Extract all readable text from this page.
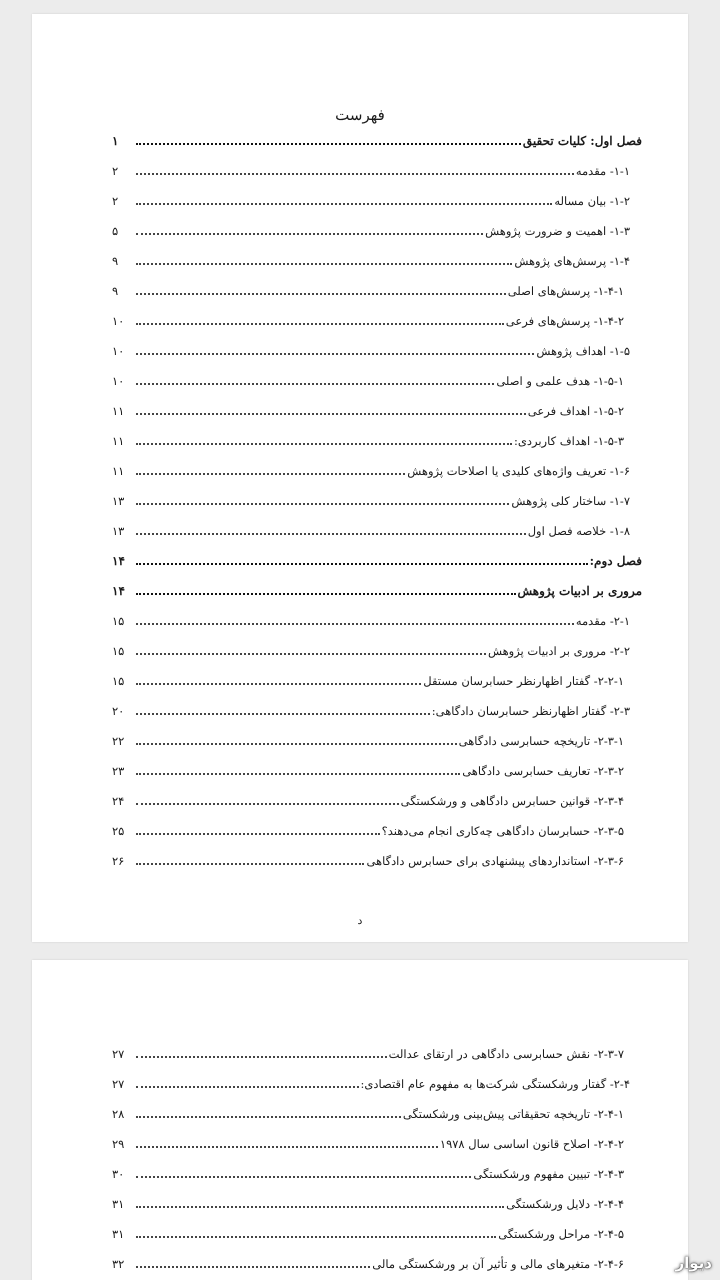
فهرست
فصل اول: کلیات تحقیق
۱
۱-۱- مقدمه
۲
۱-۲- بیان مساله
۲
۱-۳- اهمیت و ضرورت پژوهش
۵
۱-۴- پرسش‌های پژوهش
۹
۱-۴-۱- پرسش‌های اصلی
۹
۱-۴-۲- پرسش‌های فرعی
۱۰
۱-۵- اهداف پژوهش
۱۰
۱-۵-۱- هدف علمی و اصلی
۱۰
۱-۵-۲- اهداف فرعی
۱۱
۱-۵-۳- اهداف کاربردی:
۱۱
۱-۶- تعریف واژه‌های کلیدی یا اصلاحات پژوهش
۱۱
۱-۷- ساختار کلی پژوهش
۱۳
۱-۸- خلاصه فصل اول
۱۳
فصل دوم:
۱۴
مروری بر ادبیات پژوهش
۱۴
۲-۱- مقدمه
۱۵
۲-۲- مروری بر ادبیات پژوهش
۱۵
۲-۲-۱- گفتار اظهارنظر حسابرسان مستقل
۱۵
۲-۳- گفتار اظهارنظر حسابرسان دادگاهی:
۲۰
۲-۳-۱- تاریخچه حسابرسی دادگاهی
۲۲
۲-۳-۲- تعاریف حسابرسی دادگاهی
۲۳
۲-۳-۴- قوانین حسابرس دادگاهی و ورشکستگی
۲۴
۲-۳-۵- حسابرسان دادگاهی چه‌کاری انجام می‌دهند؟
۲۵
۲-۳-۶- استانداردهای پیشنهادی برای حسابرس دادگاهی
۲۶
د
۲-۳-۷- نقش حسابرسی دادگاهی در ارتقای عدالت
۲۷
۲-۴- گفتار ورشکستگی شرکت‌ها به مفهوم عام اقتصادی:
۲۷
۲-۴-۱- تاریخچه تحقیقاتی پیش‌بینی ورشکستگی
۲۸
۲-۴-۲- اصلاح قانون اساسی سال ۱۹۷۸
۲۹
۲-۴-۳- تبیین مفهوم ورشکستگی
۳۰
۲-۴-۴- دلایل ورشکستگی
۳۱
۲-۴-۵- مراحل ورشکستگی
۳۱
۲-۴-۶- متغیرهای مالی و تأثیر آن بر ورشکستگی مالی
۳۲	دیوار
